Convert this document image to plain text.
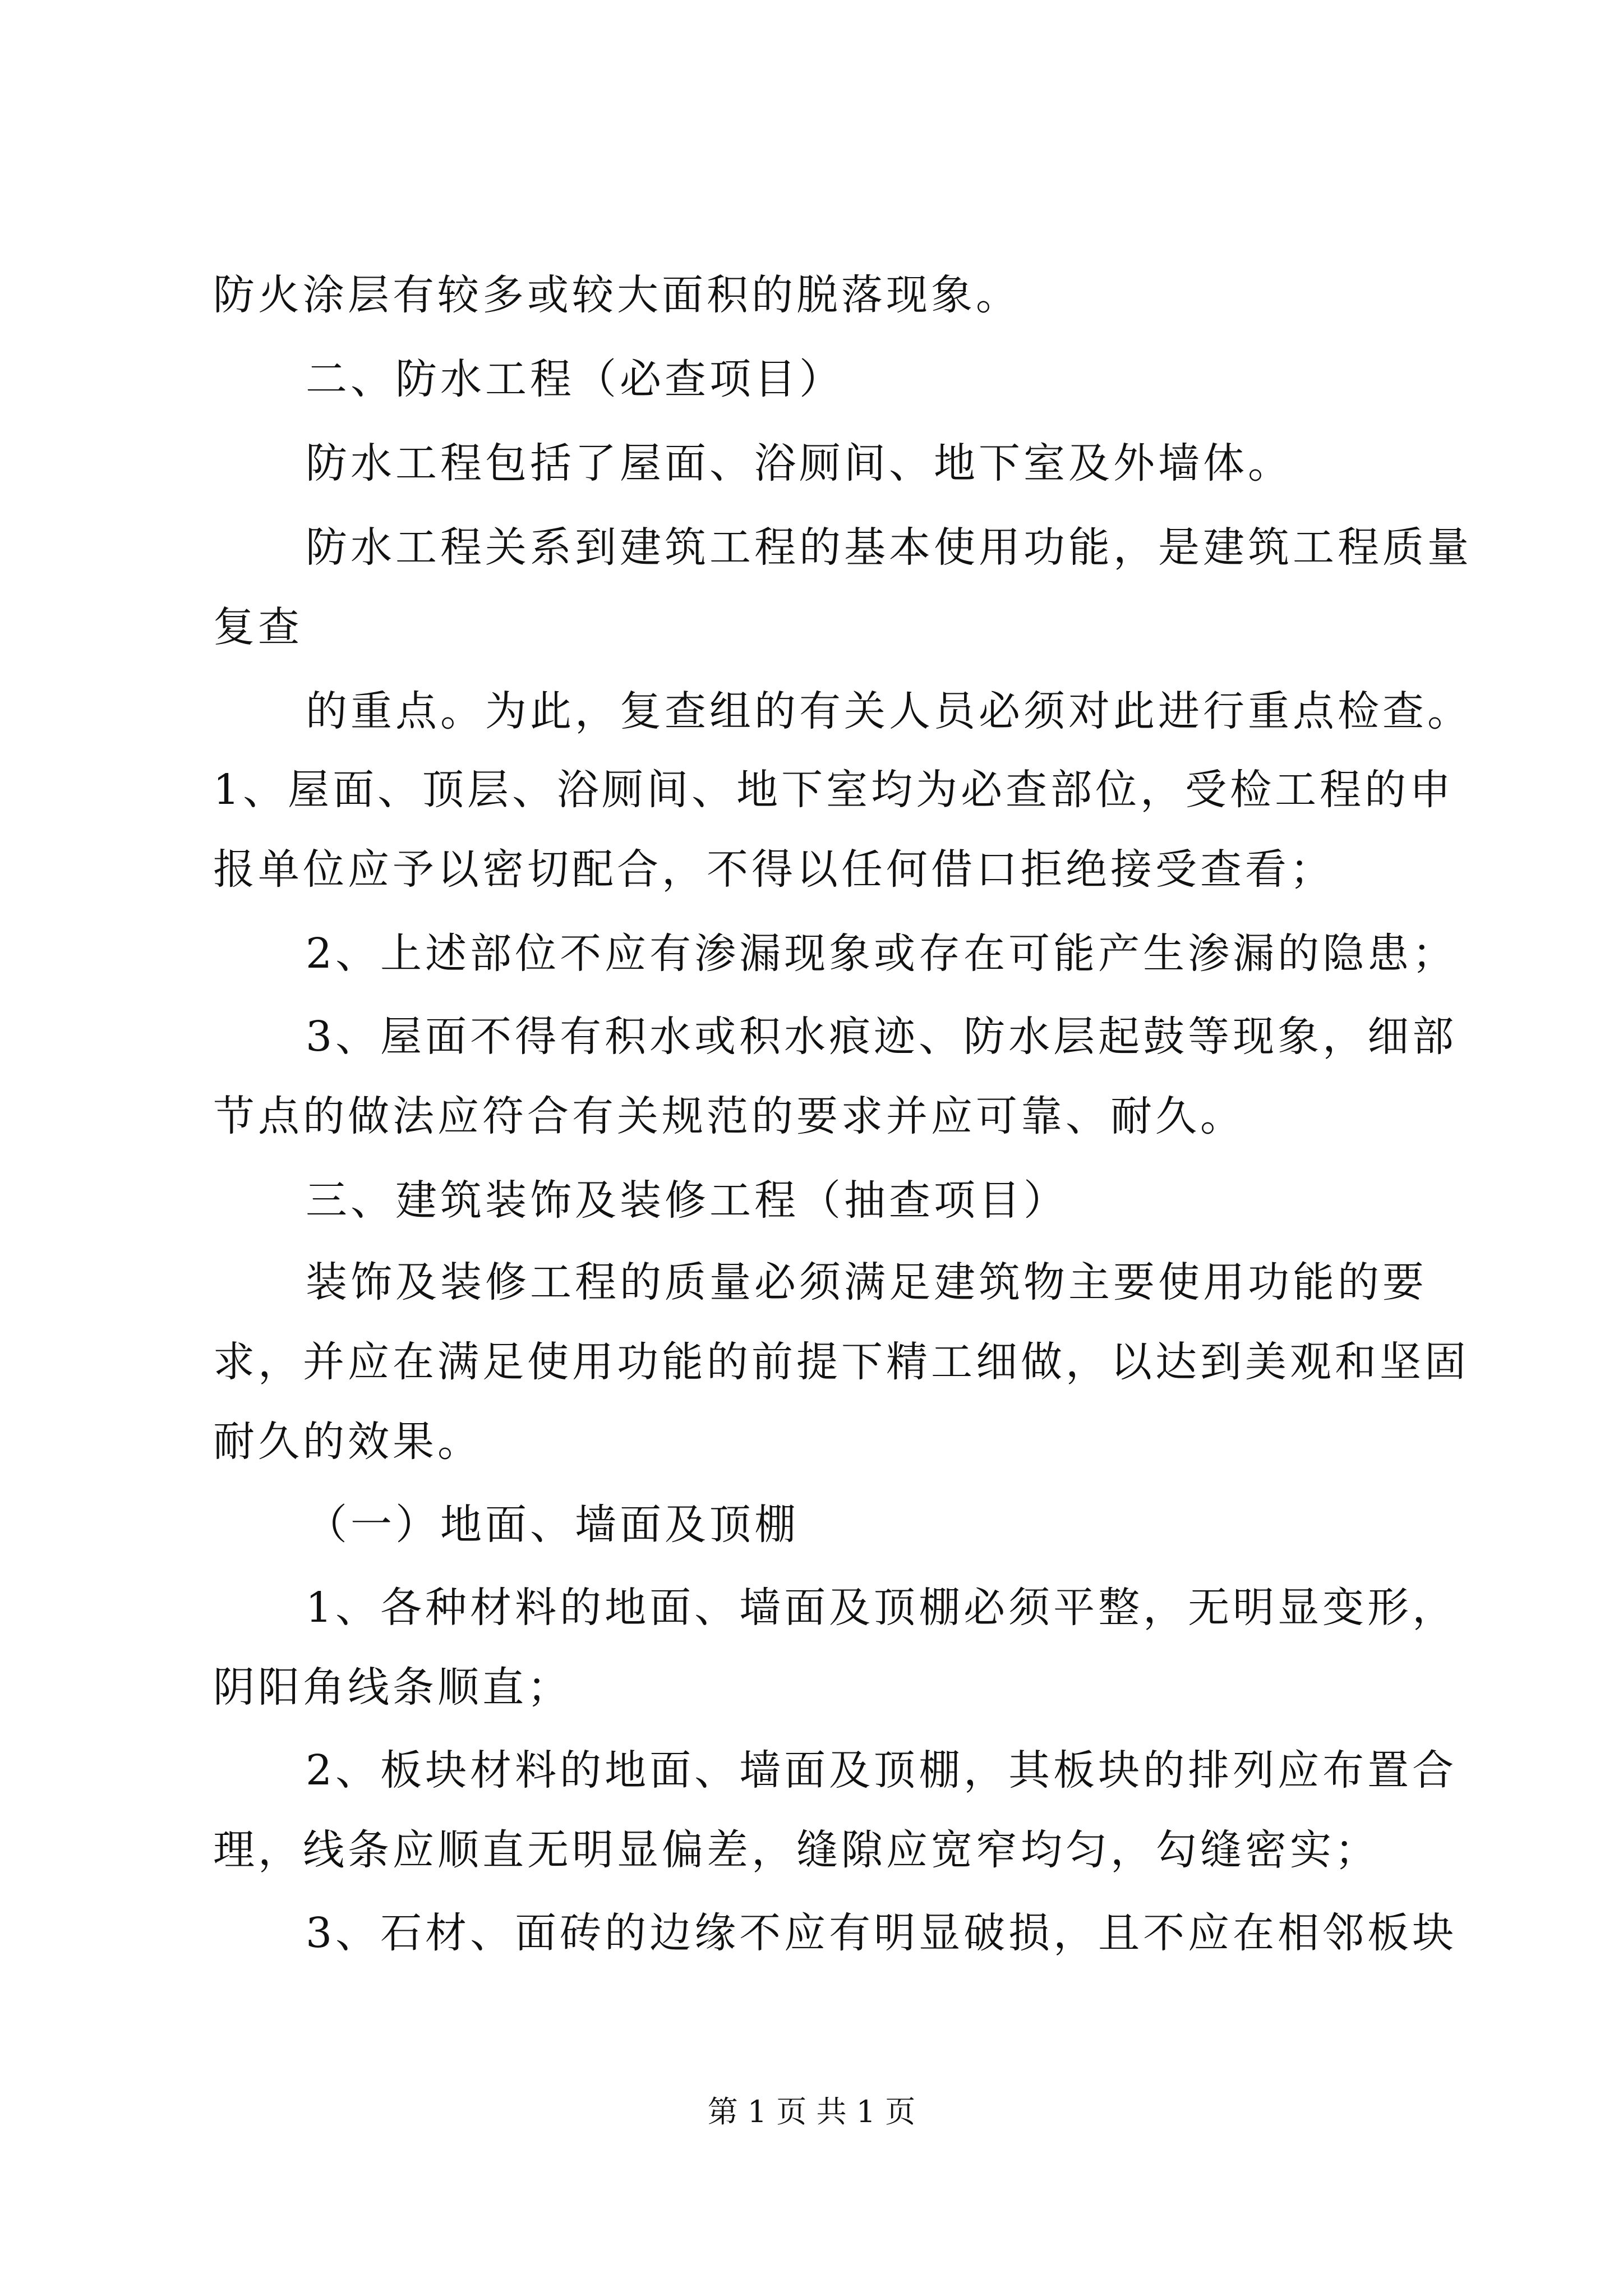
防火涂层有较多或较大面积的脱落现象。
二、防水工程（必查项目）
防水工程包括了屋面、浴厕间、地下室及外墙体。
防水工程关系到建筑工程的基本使用功能，是建筑工程质量
复查
的重点。为此，复查组的有关人员必须对此进行重点检查。
1、屋面、顶层、浴厕间、地下室均为必查部位，受检工程的申
报单位应予以密切配合，不得以任何借口拒绝接受查看；
2、上述部位不应有渗漏现象或存在可能产生渗漏的隐患；
3、屋面不得有积水或积水痕迹、防水层起鼓等现象，细部
节点的做法应符合有关规范的要求并应可靠、耐久。
三、建筑装饰及装修工程（抽查项目）
装饰及装修工程的质量必须满足建筑物主要使用功能的要
求，并应在满足使用功能的前提下精工细做，以达到美观和坚固
耐久的效果。
（一）地面、墙面及顶棚
1、各种材料的地面、墙面及顶棚必须平整，无明显变形，
阴阳角线条顺直；
2、板块材料的地面、墙面及顶棚，其板块的排列应布置合
理，线条应顺直无明显偏差，缝隙应宽窄均匀，勾缝密实；
3、石材、面砖的边缘不应有明显破损，且不应在相邻板块
第 1 页 共 1 页
